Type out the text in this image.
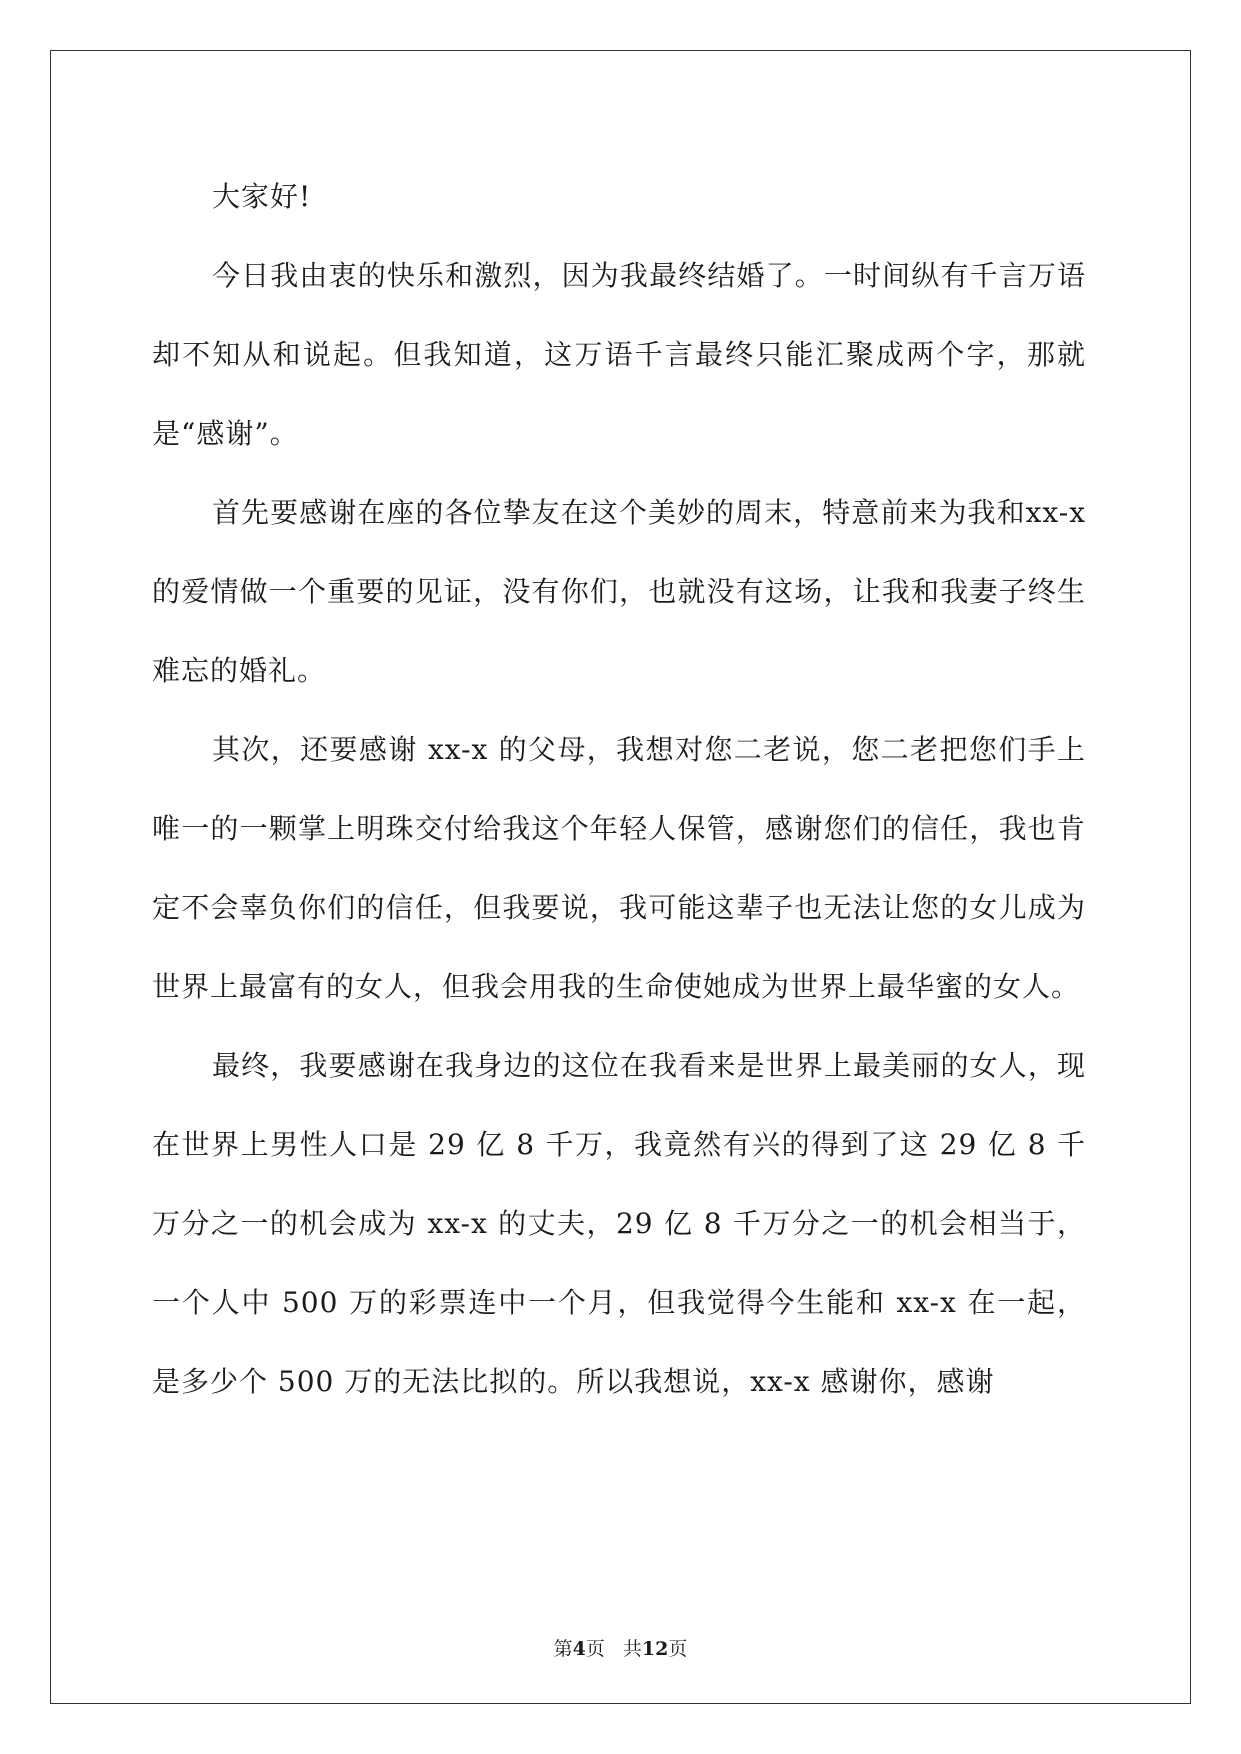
大家好!

今日我由衷的快乐和激烈，因为我最终结婚了。一时间纵有千言万语却不知从和说起。但我知道，这万语千言最终只能汇聚成两个字，那就是“感谢”。

首先要感谢在座的各位挚友在这个美妙的周末，特意前来为我和xx-x 的爱情做一个重要的见证，没有你们，也就没有这场，让我和我妻子终生难忘的婚礼。

其次，还要感谢 xx-x 的父母，我想对您二老说，您二老把您们手上唯一的一颗掌上明珠交付给我这个年轻人保管，感谢您们的信任，我也肯定不会辜负你们的信任，但我要说，我可能这辈子也无法让您的女儿成为世界上最富有的女人，但我会用我的生命使她成为世界上最华蜜的女人。

最终，我要感谢在我身边的这位在我看来是世界上最美丽的女人，现在世界上男性人口是 29 亿 8 千万，我竟然有兴的得到了这 29 亿 8 千万分之一的机会成为 xx-x 的丈夫，29 亿 8 千万分之一的机会相当于，一个人中 500 万的彩票连中一个月，但我觉得今生能和 xx-x 在一起，是多少个 500 万的无法比拟的。所以我想说，xx-x 感谢你，感谢

第4页 共12页
